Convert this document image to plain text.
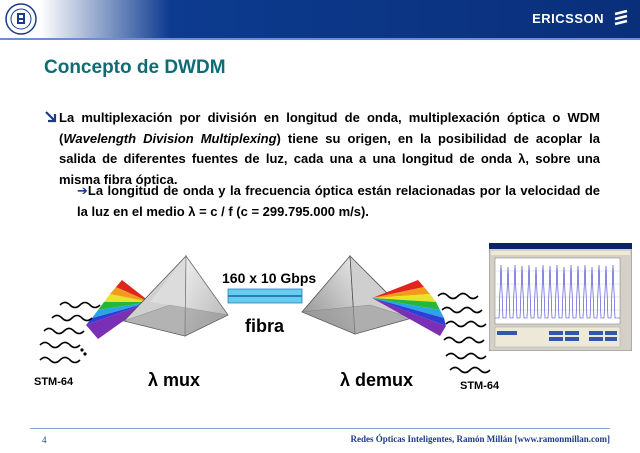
ERICSSON
Concepto de DWDM
La multiplexación por división en longitud de onda, multiplexación óptica o WDM (Wavelength Division Multiplexing) tiene su origen, en la posibilidad de acoplar la salida de diferentes fuentes de luz, cada una a una longitud de onda λ, sobre una misma fibra óptica.
➔La longitud de onda y la frecuencia óptica están relacionadas por la velocidad de la luz en el medio λ = c / f (c = 299.795.000 m/s).
160 x 10 Gbps
fibra
λ mux	λ demux
STM-64	STM-64
4	Redes Ópticas Inteligentes, Ramón Millán [www.ramonmillan.com]
